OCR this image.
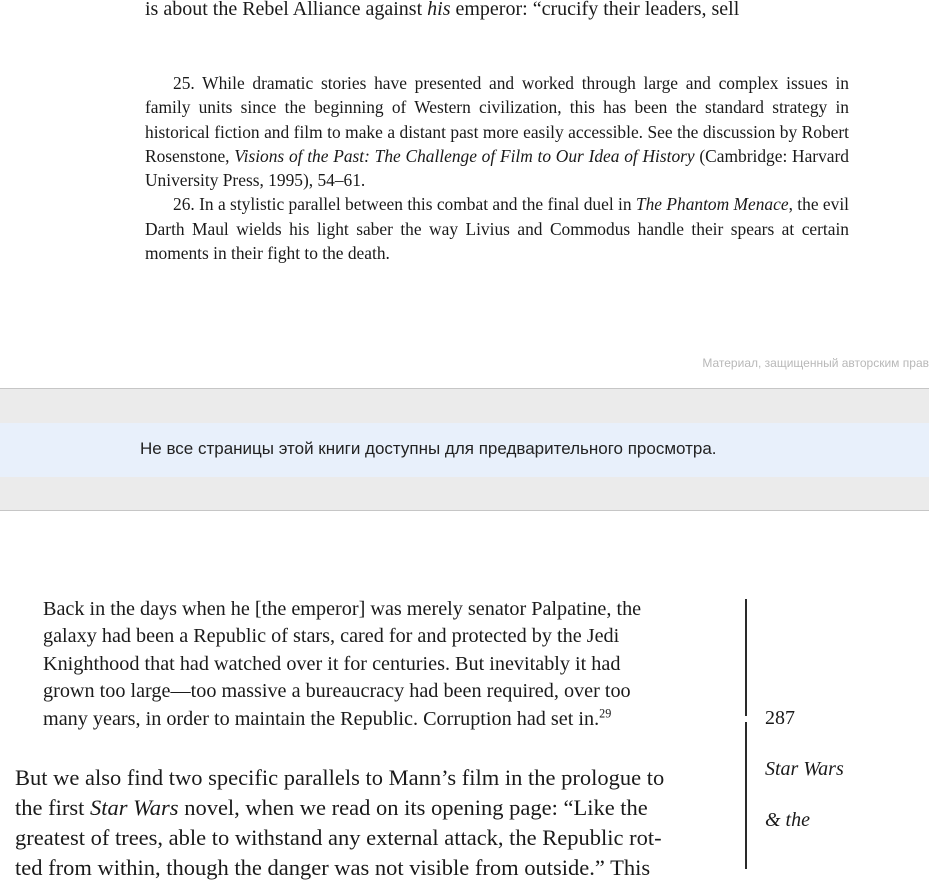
is about the Rebel Alliance against his emperor: “crucify their leaders, sell

25. While dramatic stories have presented and worked through large and complex issues in family units since the beginning of Western civilization, this has been the standard strategy in historical fiction and film to make a distant past more easily accessible. See the discussion by Robert Rosenstone, Visions of the Past: The Challenge of Film to Our Idea of History (Cambridge: Harvard University Press, 1995), 54–61.

26. In a stylistic parallel between this combat and the final duel in The Phantom Menace, the evil Darth Maul wields his light saber the way Livius and Commodus handle their spears at certain moments in their fight to the death.

Материал, защищенный авторским прав
Не все страницы этой книги доступны для предварительного просмотра.
Back in the days when he [the emperor] was merely senator Palpatine, the
galaxy had been a Republic of stars, cared for and protected by the Jedi
Knighthood that had watched over it for centuries. But inevitably it had
grown too large—too massive a bureaucracy had been required, over too
many years, in order to maintain the Republic. Corruption had set in.$^{29}$
But we also find two specific parallels to Mann’s film in the prologue to
the first Star Wars novel, when we read on its opening page: “Like the
greatest of trees, able to withstand any external attack, the Republic rot-
ted from within, though the danger was not visible from outside.” This
287
Star Wars
& the
